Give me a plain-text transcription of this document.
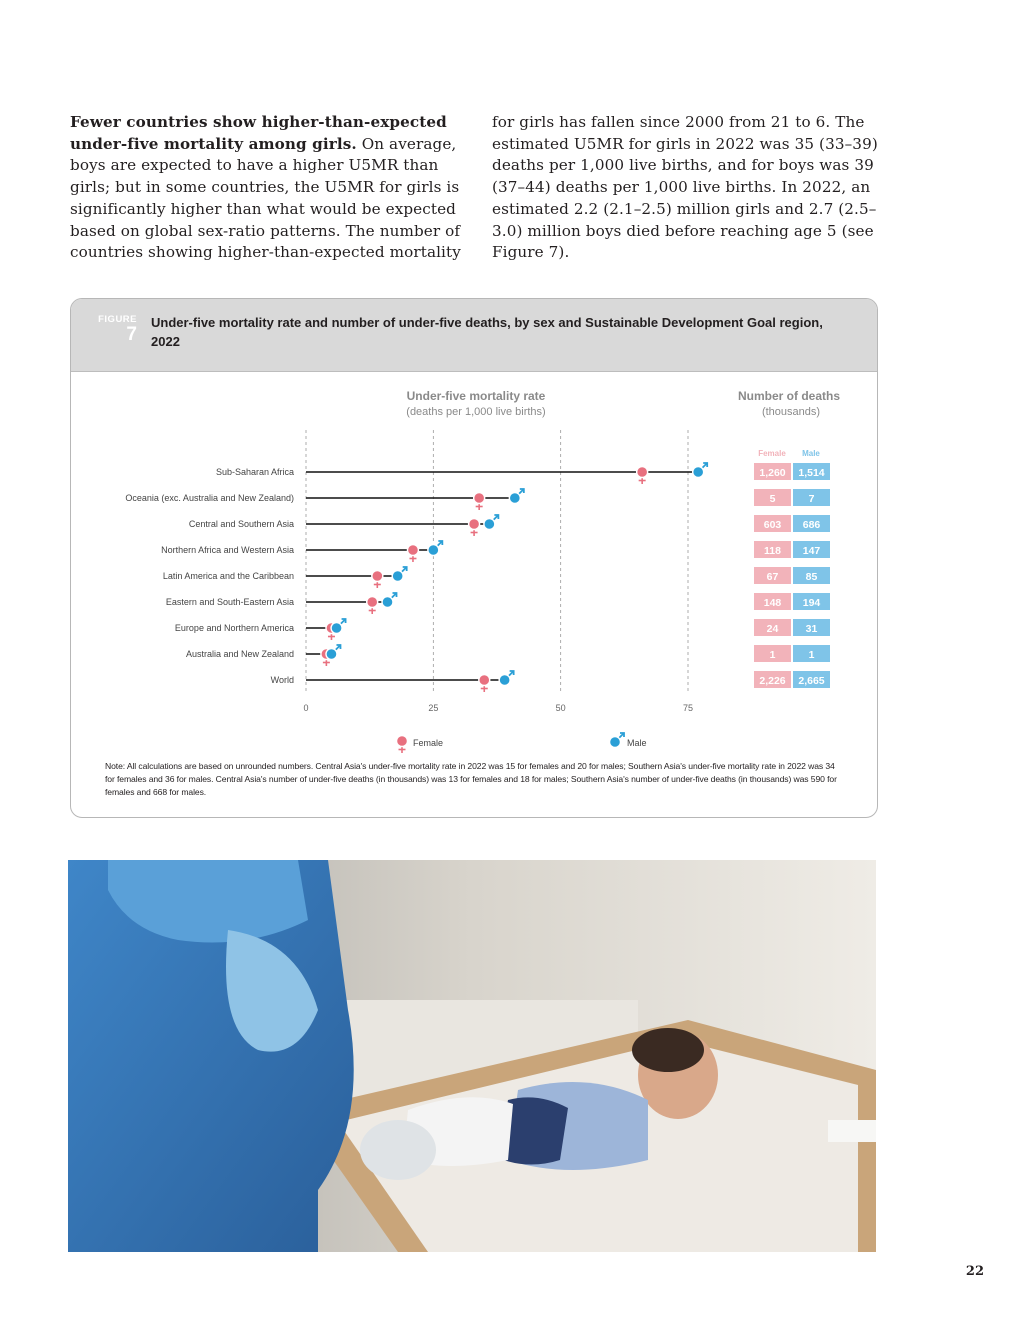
Fewer countries show higher-than-expected under-five mortality among girls. On average, boys are expected to have a higher U5MR than girls; but in some countries, the U5MR for girls is significantly higher than what would be expected based on global sex-ratio patterns. The number of countries showing higher-than-expected mortality
for girls has fallen since 2000 from 21 to 6. The estimated U5MR for girls in 2022 was 35 (33–39) deaths per 1,000 live births, and for boys was 39 (37–44) deaths per 1,000 live births. In 2022, an estimated 2.2 (2.1–2.5) million girls and 2.7 (2.5–3.0) million boys died before reaching age 5 (see Figure 7).
FIGURE
7
Under-five mortality rate and number of under-five deaths, by sex and Sustainable Development Goal region, 2022
Under-five mortality rate
(deaths per 1,000 live births)
Number of deaths
(thousands)
Female Male
0	25	50	75
Sub-Saharan Africa	1,260 1,514
Oceania (exc. Australia and New Zealand)	5	7
Central and Southern Asia	603 686
Northern Africa and Western Asia	118 147
Latin America and the Caribbean	67	85
Eastern and South-Eastern Asia	148 194
Europe and Northern America	24	31
Australia and New Zealand	1	1
World	2,226 2,665
Female	Male
Note: All calculations are based on unrounded numbers. Central Asia's under-five mortality rate in 2022 was 15 for females and 20 for males; Southern Asia's under-five mortality rate in 2022 was 34 for females and 36 for males. Central Asia's number of under-five deaths (in thousands) was 13 for females and 18 for males; Southern Asia's number of under-five deaths (in thousands) was 590 for females and 668 for males.
22
